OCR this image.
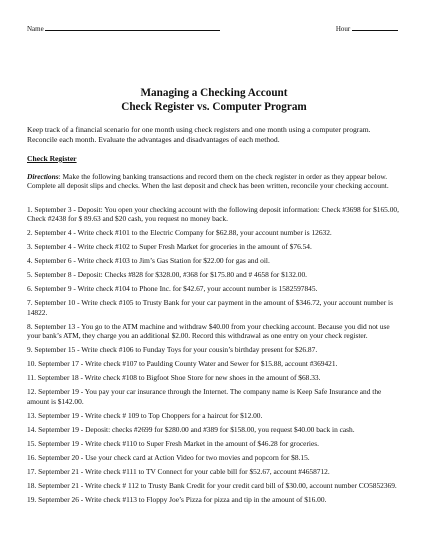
Name	Hour
Managing a Checking Account
Check Register vs. Computer Program
Keep track of a financial scenario for one month using check registers and one month using a computer program. Reconcile each month. Evaluate the advantages and disadvantages of each method.
Check Register
Directions: Make the following banking transactions and record them on the check register in order as they appear below. Complete all deposit slips and checks. When the last deposit and check has been written, reconcile your checking account.
1. September 3 - Deposit: You open your checking account with the following deposit information: Check #3698 for $165.00, Check #2438 for $ 89.63 and $20 cash, you request no money back.
2. September 4 - Write check #101 to the Electric Company for $62.88, your account number is 12632.
3. September 4 - Write check #102 to Super Fresh Market for groceries in the amount of $76.54.
4. September 6 - Write check #103 to Jim’s Gas Station for $22.00 for gas and oil.
5. September 8 - Deposit: Checks #828 for $328.00, #368 for $175.80 and # 4658 for $132.00.
6. September 9 - Write check #104 to Phone Inc. for $42.67, your account number is 1582597845.
7. September 10 - Write check #105 to Trusty Bank for your car payment in the amount of $346.72, your account number is 14822.
8. September 13 - You go to the ATM machine and withdraw $40.00 from your checking account. Because you did not use your bank’s ATM, they charge you an additional $2.00. Record this withdrawal as one entry on your check register.
9. September 15 - Write check #106 to Funday Toys for your cousin’s birthday present for $26.87.
10. September 17 - Write check #107 to Paulding County Water and Sewer for $15.88, account #369421.
11. September 18 - Write check #108 to Bigfoot Shoe Store for new shoes in the amount of $68.33.
12. September 19 - You pay your car insurance through the Internet. The company name is Keep Safe Insurance and the amount is $142.00.
13. September 19 - Write check # 109 to Top Choppers for a haircut for $12.00.
14. September 19 - Deposit: checks #2699 for $280.00 and #389 for $158.00, you request $40.00 back in cash.
15. September 19 - Write check #110 to Super Fresh Market in the amount of $46.28 for groceries.
16. September 20 - Use your check card at Action Video for two movies and popcorn for $8.15.
17. September 21 - Write check #111 to TV Connect for your cable bill for $52.67, account #4658712.
18. September 21 - Write check # 112 to Trusty Bank Credit for your credit card bill of $30.00, account number CO5852369.
19. September 26 - Write check #113 to Floppy Joe’s Pizza for pizza and tip in the amount of $16.00.
